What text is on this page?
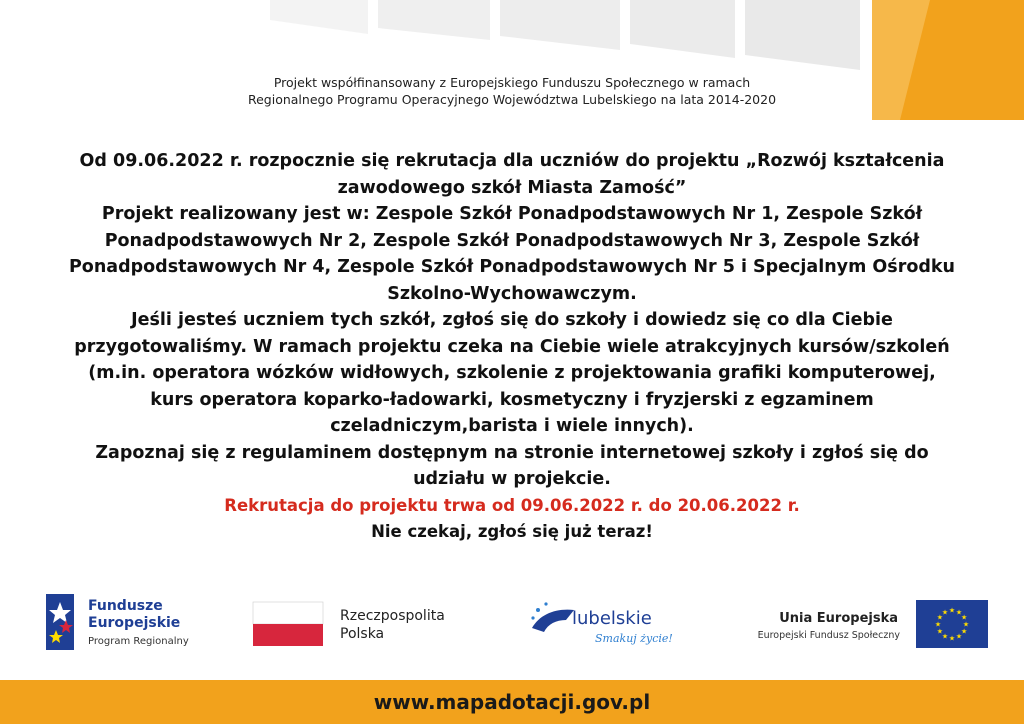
Projekt współfinansowany z Europejskiego Funduszu Społecznego w ramach
Regionalnego Programu Operacyjnego Województwa Lubelskiego na lata 2014-2020
Od 09.06.2022 r. rozpocznie się rekrutacja dla uczniów do projektu „Rozwój kształcenia
zawodowego szkół Miasta Zamość”
Projekt realizowany jest w: Zespole Szkół Ponadpodstawowych Nr 1, Zespole Szkół
Ponadpodstawowych Nr 2, Zespole Szkół Ponadpodstawowych Nr 3, Zespole Szkół
Ponadpodstawowych Nr 4, Zespole Szkół Ponadpodstawowych Nr 5 i Specjalnym Ośrodku
Szkolno-Wychowawczym.
Jeśli jesteś uczniem tych szkół, zgłoś się do szkoły i dowiedz się co dla Ciebie
przygotowaliśmy. W ramach projektu czeka na Ciebie wiele atrakcyjnych kursów/szkoleń
(m.in. operatora wózków widłowych, szkolenie z projektowania grafiki komputerowej,
kurs operatora koparko-ładowarki, kosmetyczny i fryzjerski z egzaminem
czeladniczym,barista i wiele innych).
Zapoznaj się z regulaminem dostępnym na stronie internetowej szkoły i zgłoś się do
udziału w projekcie.
Rekrutacja do projektu trwa od 09.06.2022 r. do 20.06.2022 r.
Nie czekaj, zgłoś się już teraz!
Fundusze
Europejskie
Program Regionalny
Rzeczpospolita
Polska
lubelskie
Smakuj życie!
Unia Europejska
Europejski Fundusz Społeczny
★ ★
★
★
★
★
★
★
★
★
★
★
www.mapadotacji.gov.pl
